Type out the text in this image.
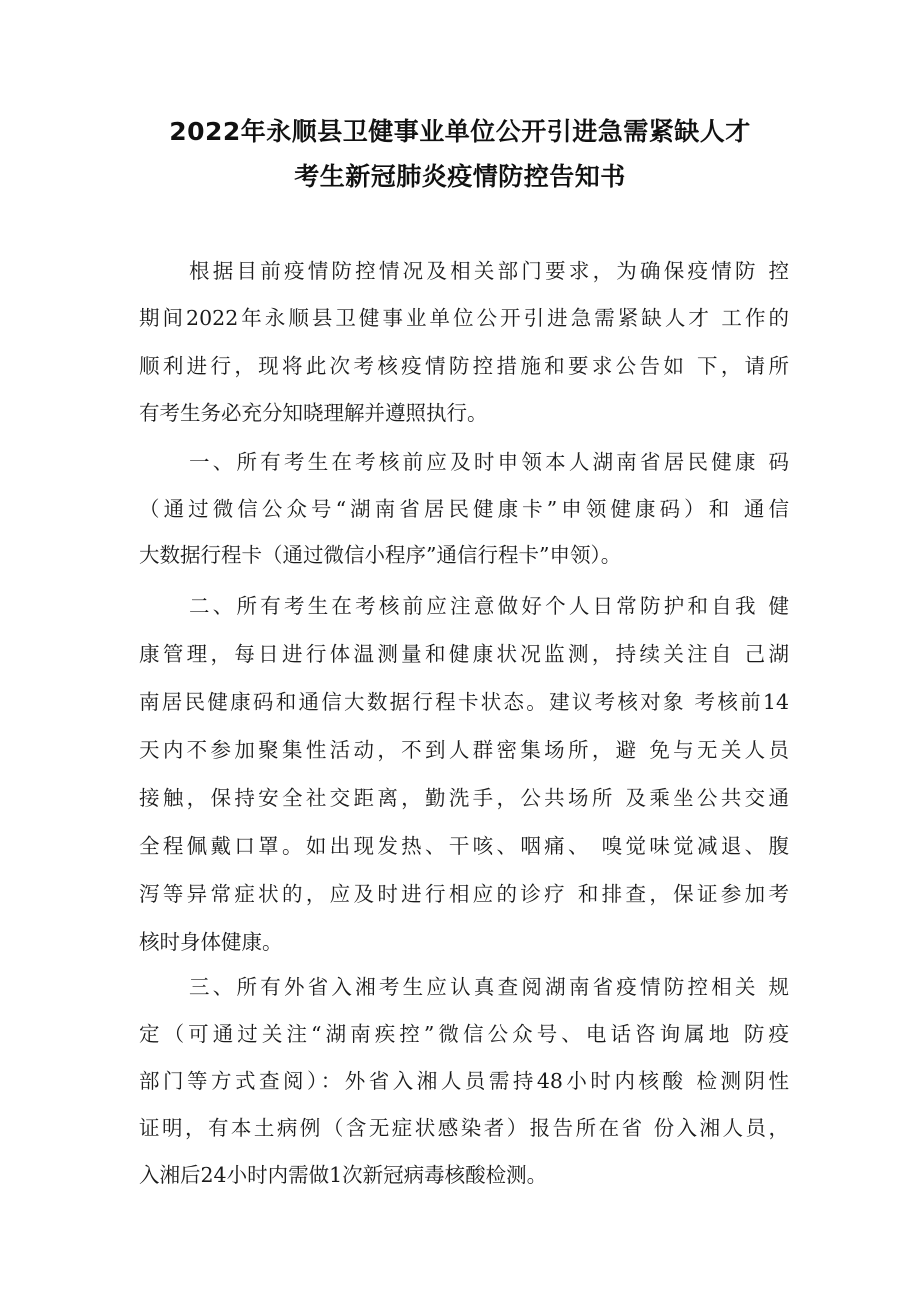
2022年永顺县卫健事业单位公开引进急需紧缺人才
考生新冠肺炎疫情防控告知书
根据目前疫情防控情况及相关部门要求，为确保疫情防 控
期间2022年永顺县卫健事业单位公开引进急需紧缺人才 工作的
顺利进行，现将此次考核疫情防控措施和要求公告如 下，请所
有考生务必充分知晓理解并遵照执行。
一、所有考生在考核前应及时申领本人湖南省居民健康 码
（通过微信公众号“湖南省居民健康卡”申领健康码）和 通信
大数据行程卡（通过微信小程序”通信行程卡”申领）。
二、所有考生在考核前应注意做好个人日常防护和自我 健
康管理，每日进行体温测量和健康状况监测，持续关注自 己湖
南居民健康码和通信大数据行程卡状态。建议考核对象 考核前14
天内不参加聚集性活动，不到人群密集场所，避 免与无关人员
接触，保持安全社交距离，勤洗手，公共场所 及乘坐公共交通
全程佩戴口罩。如出现发热、干咳、咽痛、 嗅觉味觉减退、腹
泻等异常症状的，应及时进行相应的诊疗 和排查，保证参加考
核时身体健康。
三、所有外省入湘考生应认真查阅湖南省疫情防控相关 规
定（可通过关注“湖南疾控”微信公众号、电话咨询属地 防疫
部门等方式查阅）：外省入湘人员需持48小时内核酸 检测阴性
证明，有本土病例（含无症状感染者）报告所在省 份入湘人员，
入湘后24小时内需做1次新冠病毒核酸检测。
